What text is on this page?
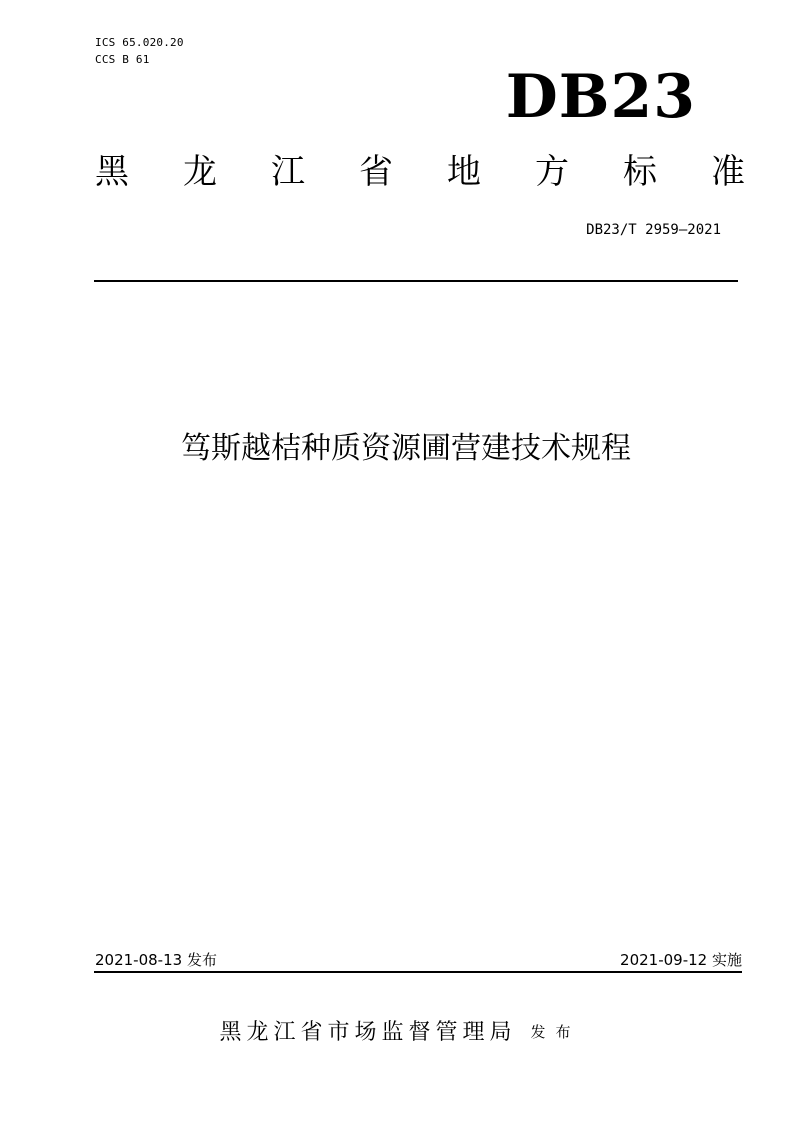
ICS 65.020.20
CCS B 61
DB23
黑 龙 江 省 地 方 标 准
DB23/T 2959—2021
笃斯越桔种质资源圃营建技术规程
2021-08-13 发布	2021-09-12 实施
黑龙江省市场监督管理局 发布
